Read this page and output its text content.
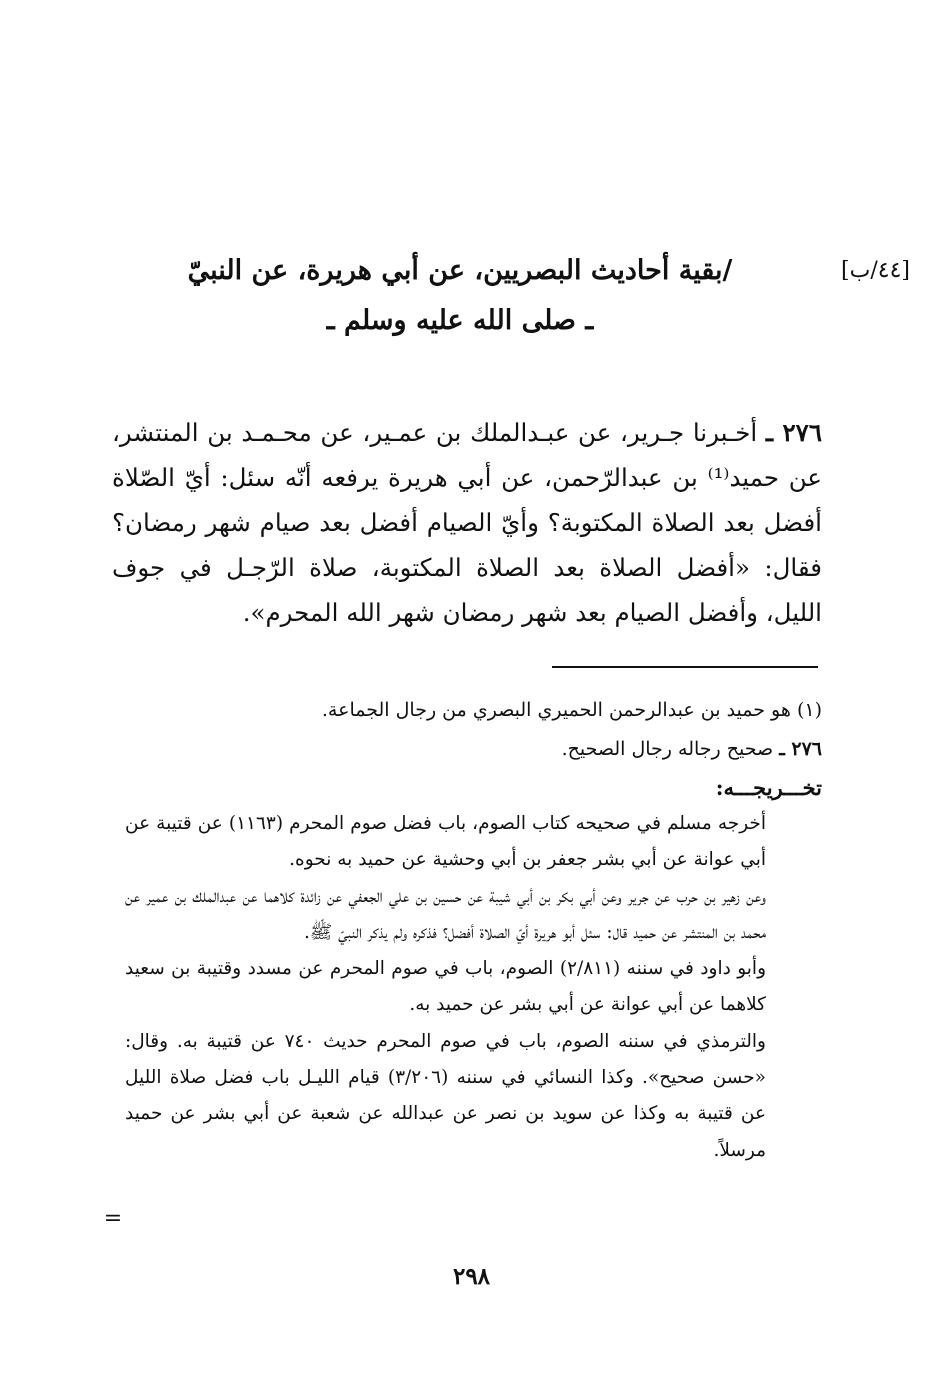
[٤٤/ب]
/بقية أحاديث البصريين، عن أبي هريرة، عن النبيّ
ـ صلى الله عليه وسلم ـ
٢٧٦ ـ أخـبرنا جـرير، عن عبـدالملك بن عمـير، عن محـمـد بن المنتشر، عن حميد⁽¹⁾ بن عبدالرّحمن، عن أبي هريرة يرفعه أنّه سئل: أيّ الصّلاة أفضل بعد الصلاة المكتوبة؟ وأيّ الصيام أفضل بعد صيام شهر رمضان؟ فقال: «أفضل الصلاة بعد الصلاة المكتوبة، صلاة الرّجـل في جوف الليل، وأفضل الصيام بعد شهر رمضان شهر الله المحرم».
(١) هو حميد بن عبدالرحمن الحميري البصري من رجال الجماعة.
٢٧٦ ـ صحيح رجاله رجال الصحيح.
تخـــريجـــه:

أخرجه مسلم في صحيحه كتاب الصوم، باب فضل صوم المحرم (١١٦٣) عن قتيبة عن أبي عوانة عن أبي بشر جعفر بن أبي وحشية عن حميد به نحوه.

وعن زهير بن حرب عن جرير وعن أبي بكر بن أبي شيبة عن حسين بن علي الجعفي عن زائدة كلاهما عن عبدالملك بن عمير عن محمد بن المنتشر عن حميد قال: سئل أبو هريرة أيّ الصلاة أفضل؟ فذكره ولم يذكر النبيّ ﷺ.

وأبو داود في سننه (٢/٨١١) الصوم، باب في صوم المحرم عن مسدد وقتيبة بن سعيد كلاهما عن أبي عوانة عن أبي بشر عن حميد به.

والترمذي في سننه الصوم، باب في صوم المحرم حديث ٧٤٠ عن قتيبة به. وقال: «حسن صحيح». وكذا النسائي في سننه (٣/٢٠٦) قيام الليـل باب فضل صلاة الليل عن قتيبة به وكذا عن سويد بن نصر عن عبدالله عن شعبة عن أبي بشر عن حميد مرسلاً.

=
٢٩٨
